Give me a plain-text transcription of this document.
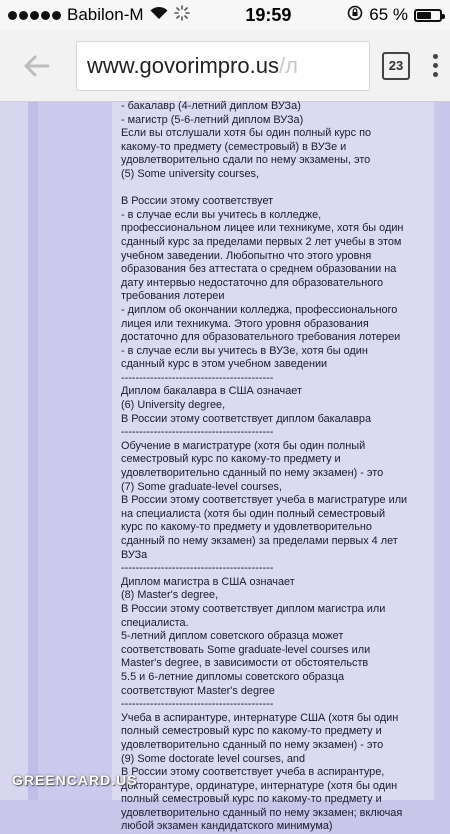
Babilon-M	19:59	65 %
www.govorimpro.us /л	23

- бакалавр (4-летний диплом ВУЗа)

- магистр (5-6-летний диплом ВУЗа)

Если вы отслушали хотя бы один полный курс по

какому-то предмету (семестровый) в ВУЗе и

удовлетворительно сдали по нему экзамены, это

(5) Some university courses,

В России этому соответствует

- в случае если вы учитесь в колледже,

профессиональном лицее или техникуме, хотя бы один

сданный курс за пределами первых 2 лет учебы в этом

учебном заведении. Любопытно что этого уровня

образования без аттестата о среднем образовании на

дату интервью недостаточно для образовательного

требования лотереи

- диплом об окончании колледжа, профессионального

лицея или техникума. Этого уровня образования

достаточно для образовательного требования лотереи

- в случае если вы учитесь в ВУЗе, хотя бы один

сданный курс в этом учебном заведении

------------------------------------------

Диплом бакалавра в США означает

(6) University degree,

В России этому соответствует диплом бакалавра

------------------------------------------

Обучение в магистратуре (хотя бы один полный

семестровый курс по какому-то предмету и

удовлетворительно сданный по нему экзамен) - это

(7) Some graduate-level courses,

В России этому соответствует учеба в магистратуре или

на специалиста (хотя бы один полный семестровый

курс по какому-то предмету и удовлетворительно

сданный по нему экзамен) за пределами первых 4 лет

ВУЗа

------------------------------------------

Диплом магистра в США означает

(8) Master's degree,

В России этому соответствует диплом магистра или

специалиста.

5-летний диплом советского образца может

соответствовать Some graduate-level courses или

Master's degree, в зависимости от обстоятельств

5.5 и 6-летние дипломы советского образца

соответствуют Master's degree

------------------------------------------

Учеба в аспирантуре, интернатуре США (хотя бы один

полный семестровый курс по какому-то предмету и

удовлетворительно сданный по нему экзамен) - это

(9) Some doctorate level courses, and

В России этому соответствует учеба в аспирантуре,

докторантуре, ординатуре, интернатуре (хотя бы один

полный семестровый курс по какому-то предмету и

удовлетворительно сданный по нему экзамен; включая

любой экзамен кандидатского минимума)

GREENCARD.US
